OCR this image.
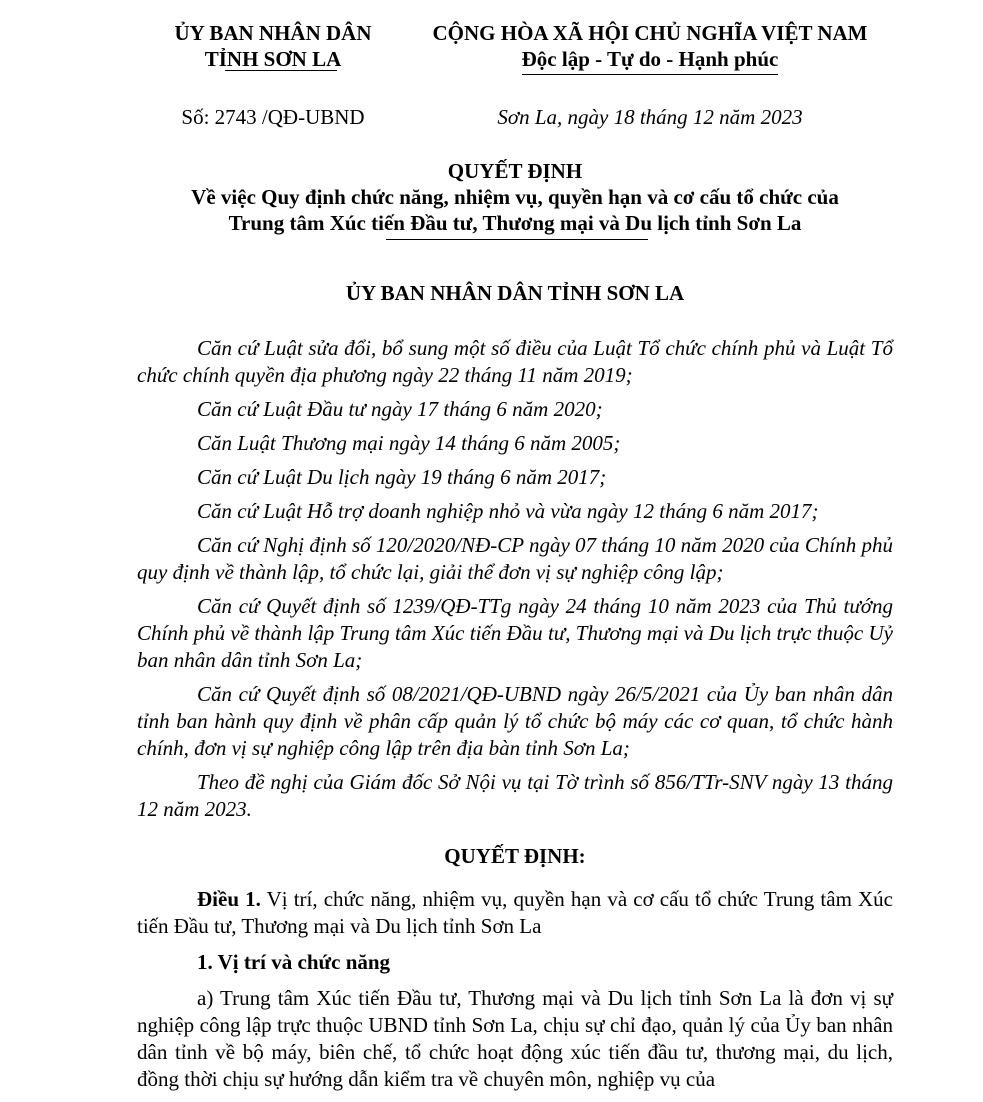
ỦY BAN NHÂN DÂN
TỈNH SƠN LA
CỘNG HÒA XÃ HỘI CHỦ NGHĨA VIỆT NAM
Độc lập - Tự do - Hạnh phúc
Số: 2743 /QĐ-UBND	Sơn La, ngày 18 tháng 12 năm 2023
QUYẾT ĐỊNH
Về việc Quy định chức năng, nhiệm vụ, quyền hạn và cơ cấu tổ chức của
Trung tâm Xúc tiến Đầu tư, Thương mại và Du lịch tỉnh Sơn La
ỦY BAN NHÂN DÂN TỈNH SƠN LA

Căn cứ Luật sửa đổi, bổ sung một số điều của Luật Tổ chức chính phủ và Luật Tổ chức chính quyền địa phương ngày 22 tháng 11 năm 2019;

Căn cứ Luật Đầu tư ngày 17 tháng 6 năm 2020;

Căn Luật Thương mại ngày 14 tháng 6 năm 2005;

Căn cứ Luật Du lịch ngày 19 tháng 6 năm 2017;

Căn cứ Luật Hỗ trợ doanh nghiệp nhỏ và vừa ngày 12 tháng 6 năm 2017;

Căn cứ Nghị định số 120/2020/NĐ-CP ngày 07 tháng 10 năm 2020 của Chính phủ quy định về thành lập, tổ chức lại, giải thể đơn vị sự nghiệp công lập;

Căn cứ Quyết định số 1239/QĐ-TTg ngày 24 tháng 10 năm 2023 của Thủ tướng Chính phủ về thành lập Trung tâm Xúc tiến Đầu tư, Thương mại và Du lịch trực thuộc Uỷ ban nhân dân tỉnh Sơn La;

Căn cứ Quyết định số 08/2021/QĐ-UBND ngày 26/5/2021 của Ủy ban nhân dân tỉnh ban hành quy định về phân cấp quản lý tổ chức bộ máy các cơ quan, tổ chức hành chính, đơn vị sự nghiệp công lập trên địa bàn tỉnh Sơn La;

Theo đề nghị của Giám đốc Sở Nội vụ tại Tờ trình số 856/TTr-SNV ngày 13 tháng 12 năm 2023.

QUYẾT ĐỊNH:

Điều 1. Vị trí, chức năng, nhiệm vụ, quyền hạn và cơ cấu tổ chức Trung tâm Xúc tiến Đầu tư, Thương mại và Du lịch tỉnh Sơn La

1. Vị trí và chức năng

a) Trung tâm Xúc tiến Đầu tư, Thương mại và Du lịch tỉnh Sơn La là đơn vị sự nghiệp công lập trực thuộc UBND tỉnh Sơn La, chịu sự chỉ đạo, quản lý của Ủy ban nhân dân tỉnh về bộ máy, biên chế, tổ chức hoạt động xúc tiến đầu tư, thương mại, du lịch, đồng thời chịu sự hướng dẫn kiểm tra về chuyên môn, nghiệp vụ của
